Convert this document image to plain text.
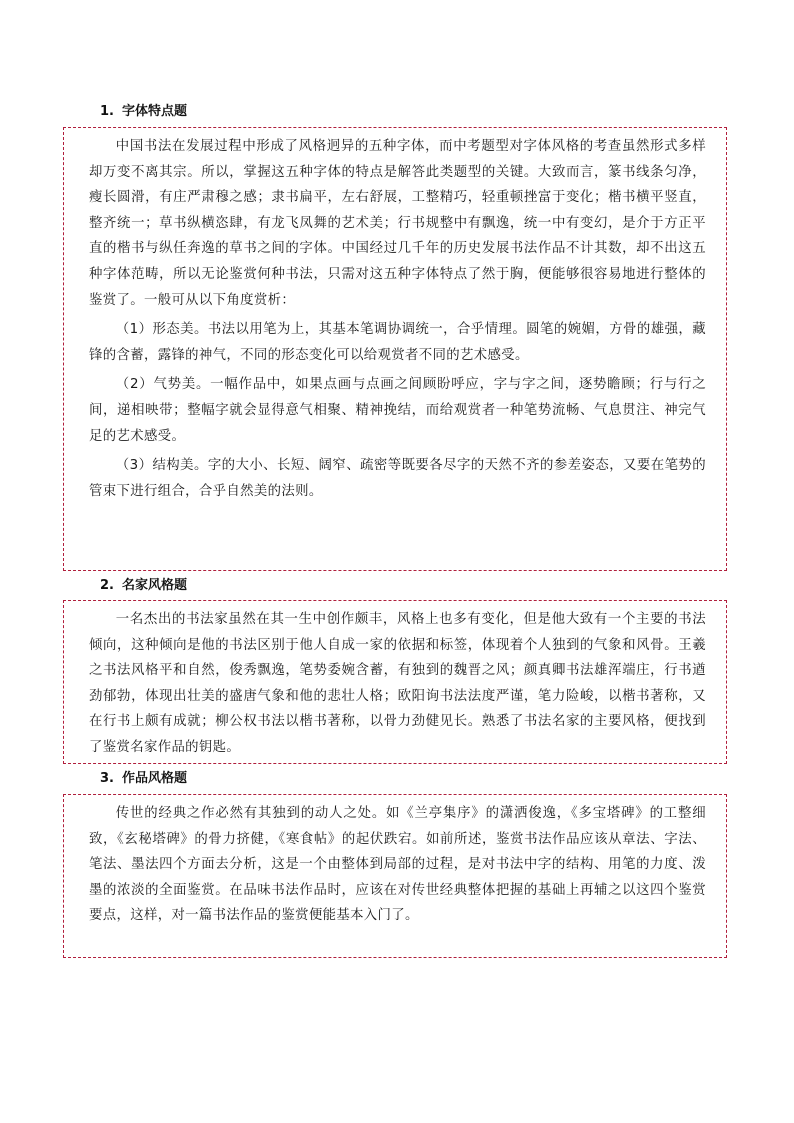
1. 字体特点题

中国书法在发展过程中形成了风格迥异的五种字体，而中考题型对字体风格的考查虽然形式多样却万变不离其宗。所以，掌握这五种字体的特点是解答此类题型的关键。大致而言，篆书线条匀净，瘦长圆滑，有庄严肃穆之感；隶书扁平，左右舒展，工整精巧，轻重顿挫富于变化；楷书横平竖直，整齐统一；草书纵横恣肆，有龙飞凤舞的艺术美；行书规整中有飘逸，统一中有变幻，是介于方正平直的楷书与纵任奔逸的草书之间的字体。中国经过几千年的历史发展书法作品不计其数，却不出这五种字体范畴，所以无论鉴赏何种书法，只需对这五种字体特点了然于胸，便能够很容易地进行整体的鉴赏了。一般可从以下角度赏析：

（1）形态美。书法以用笔为上，其基本笔调协调统一，合乎情理。圆笔的婉媚，方骨的雄强，藏锋的含蓄，露锋的神气，不同的形态变化可以给观赏者不同的艺术感受。

（2）气势美。一幅作品中，如果点画与点画之间顾盼呼应，字与字之间，逐势瞻顾；行与行之间，递相映带；整幅字就会显得意气相聚、精神挽结，而给观赏者一种笔势流畅、气息贯注、神完气足的艺术感受。

（3）结构美。字的大小、长短、阔窄、疏密等既要各尽字的天然不齐的参差姿态，又要在笔势的管束下进行组合，合乎自然美的法则。

2. 名家风格题

一名杰出的书法家虽然在其一生中创作颇丰，风格上也多有变化，但是他大致有一个主要的书法倾向，这种倾向是他的书法区别于他人自成一家的依据和标签，体现着个人独到的气象和风骨。王羲之书法风格平和自然，俊秀飘逸，笔势委婉含蓄，有独到的魏晋之风；颜真卿书法雄浑端庄，行书遒劲郁勃，体现出壮美的盛唐气象和他的悲壮人格；欧阳询书法法度严谨，笔力险峻，以楷书著称，又在行书上颇有成就；柳公权书法以楷书著称，以骨力劲健见长。熟悉了书法名家的主要风格，便找到了鉴赏名家作品的钥匙。

3. 作品风格题

传世的经典之作必然有其独到的动人之处。如《兰亭集序》的潇洒俊逸，《多宝塔碑》的工整细致，《玄秘塔碑》的骨力挤健，《寒食帖》的起伏跌宕。如前所述，鉴赏书法作品应该从章法、字法、笔法、墨法四个方面去分析，这是一个由整体到局部的过程，是对书法中字的结构、用笔的力度、泼墨的浓淡的全面鉴赏。在品味书法作品时，应该在对传世经典整体把握的基础上再辅之以这四个鉴赏要点，这样，对一篇书法作品的鉴赏便能基本入门了。
